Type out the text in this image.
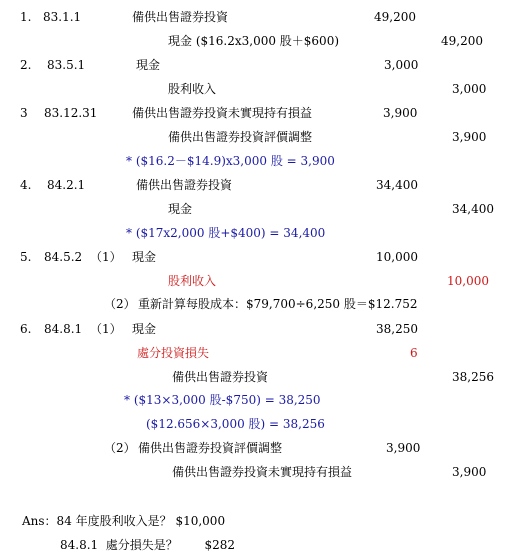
1. 83.1.1	備供出售證券投資	49,200
現金 ($16.2x3,000 股＋$600)	49,200
2. 83.5.1	現金	3,000
股利收入	3,000
3 83.12.31	備供出售證券投資未實現持有損益	3,900
備供出售證券投資評價調整	3,900
* ($16.2－$14.9)x3,000 股 = 3,900
4. 84.2.1	備供出售證券投資	34,400
現金	34,400
* ($17x2,000 股+$400) = 34,400
5. 84.5.2 （1） 現金	10,000
股利收入	10,000
（2） 重新計算每股成本：$79,700÷6,250 股＝$12.752
6. 84.8.1 （1） 現金	38,250
處分投資損失	6
備供出售證券投資	38,256
* ($13×3,000 股-$750) = 38,250
($12.656×3,000 股) = 38,256
（2） 備供出售證券投資評價調整	3,900
備供出售證券投資未實現持有損益	3,900
Ans：84 年度股利收入是？ $10,000
84.8.1  處分損失是？       $282
